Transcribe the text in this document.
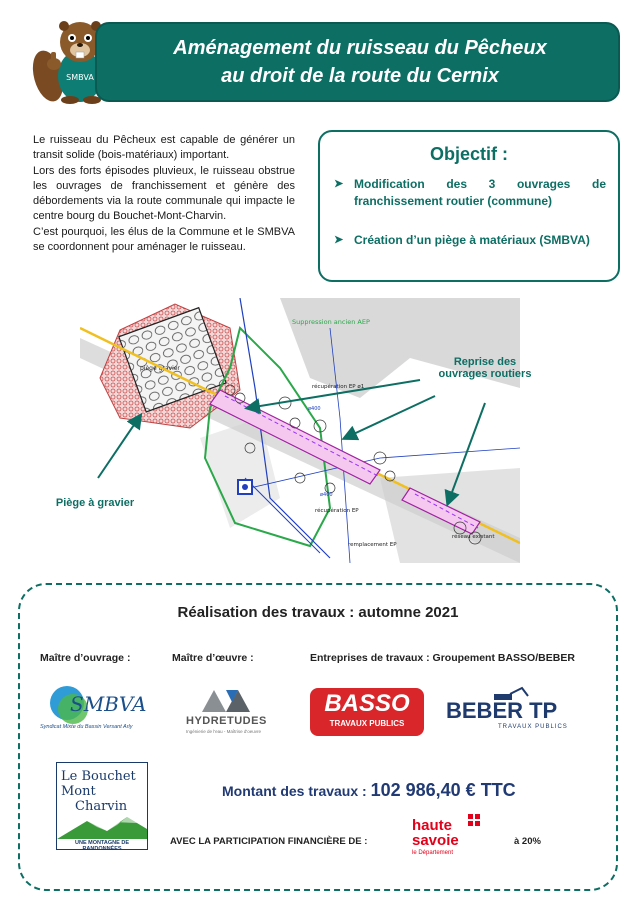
SMBVA
Aménagement du ruisseau du Pêcheux
au droit de la route du Cernix

Le ruisseau du Pêcheux est capable de générer un transit solide (bois-matériaux) important.

Lors des forts épisodes pluvieux, le ruisseau obstrue les ouvrages de franchissement et génère des débordements via la route communale qui impacte le centre bourg du Bouchet-Mont-Charvin.

C’est pourquoi, les élus de la Commune et le SMBVA se coordonnent pour aménager le ruisseau.

Objectif :
➤ Modification des 3 ouvrages de franchissement routier (commune)
➤ Création d’un piège à matériaux (SMBVA)
piège gravier
Suppression ancien AEP
récupération EP ø1
récupération EP
remplacement EP
réseau existant
ø400
ø400
Reprise des ouvrages routiers
Piège à gravier
Réalisation des travaux : automne 2021
Maître d’ouvrage :	Maître d’œuvre :	Entreprises de travaux : Groupement BASSO/BEBER
SMBVA
Syndicat Mixte du Bassin Versant Arly	HYDRETUDES
Ingénierie de l'eau - Maîtrise d'oeuvre
BASSO
TRAVAUX PUBLICS
BEBER TP
TRAVAUX PUBLICS
Le Bouchet
Mont
Charvin
UNE MONTAGNE DE RANDONNÉES
Montant des travaux : 102 986,40 € TTC
AVEC LA PARTICIPATION FINANCIÈRE DE :
haute
savoie
le Département
à 20%
